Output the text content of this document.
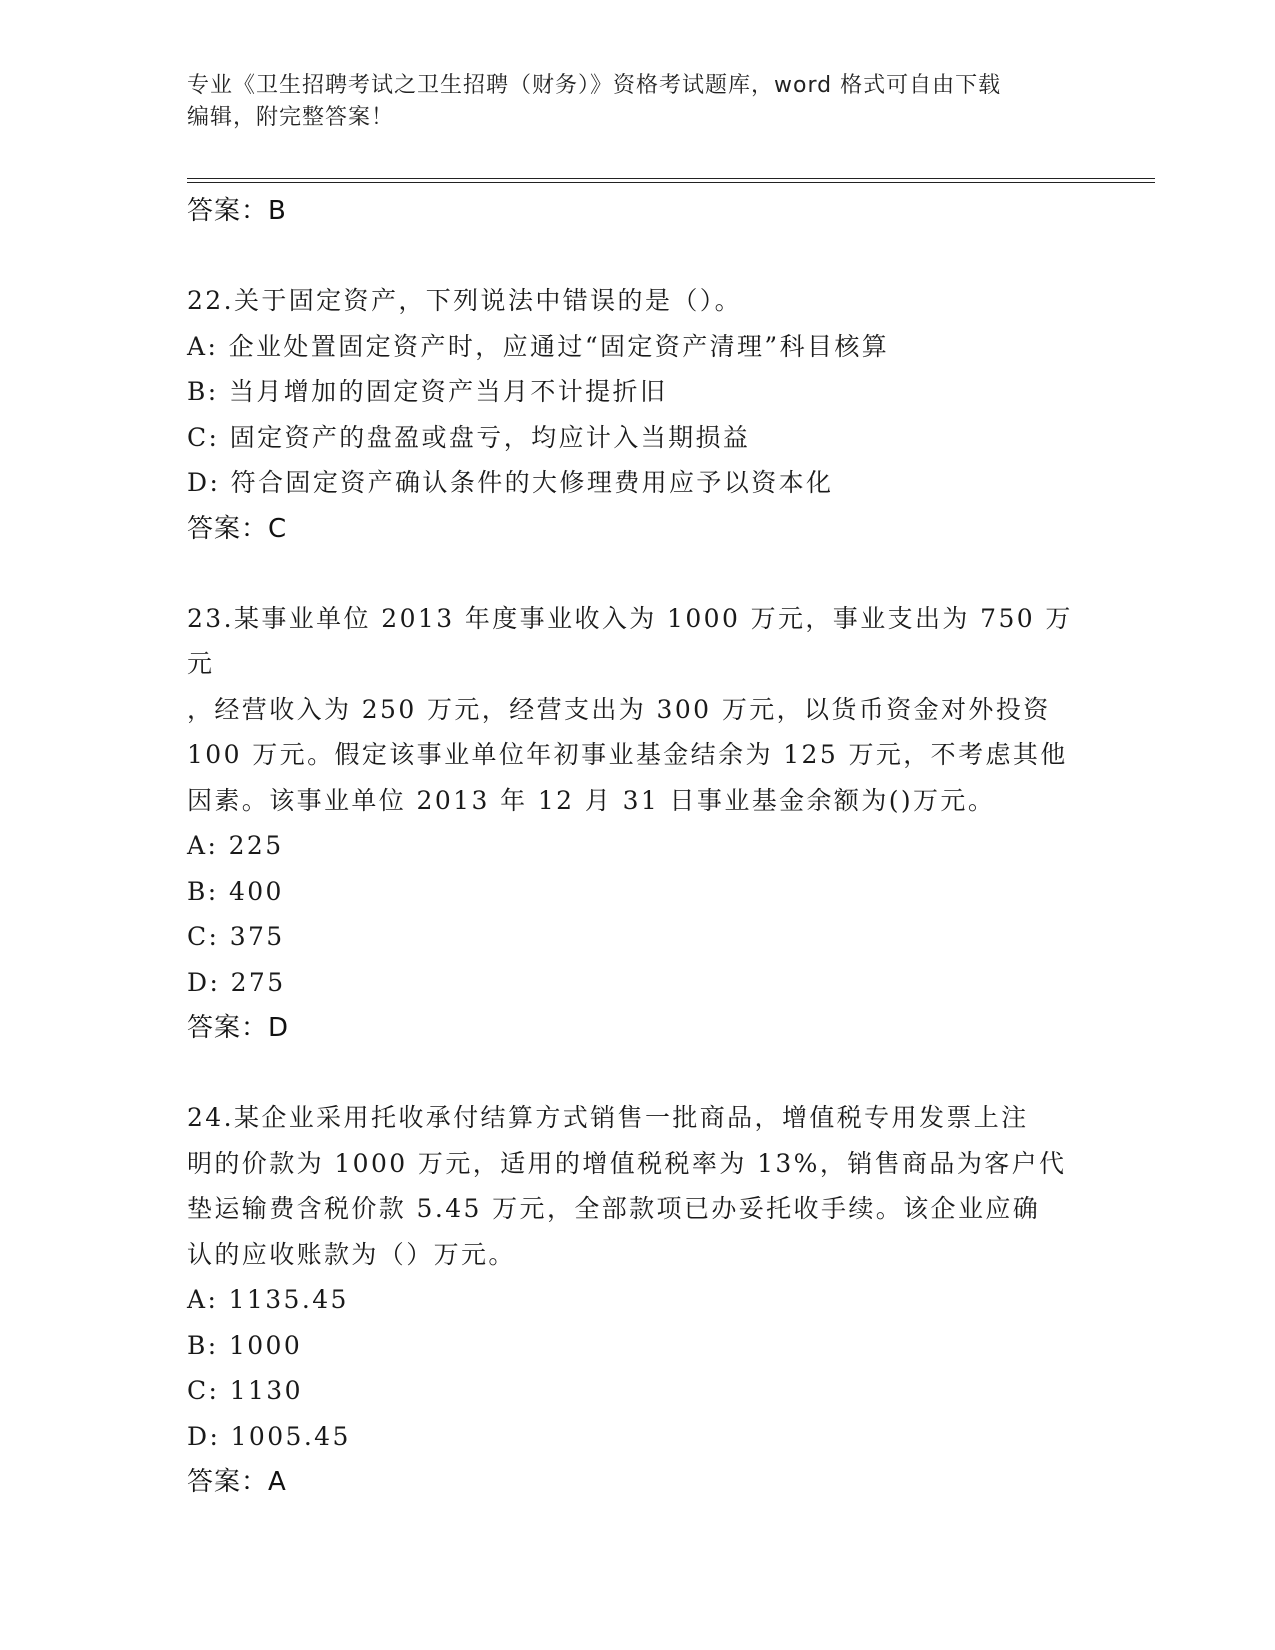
专业《卫生招聘考试之卫生招聘（财务）》资格考试题库，word 格式可自由下载
编辑，附完整答案！
答案：B
22.关于固定资产，下列说法中错误的是（）。
A: 企业处置固定资产时，应通过“固定资产清理”科目核算
B: 当月增加的固定资产当月不计提折旧
C: 固定资产的盘盈或盘亏，均应计入当期损益
D: 符合固定资产确认条件的大修理费用应予以资本化
答案：C
23.某事业单位 2013 年度事业收入为 1000 万元，事业支出为 750 万元
，经营收入为 250 万元，经营支出为 300 万元，以货币资金对外投资
100 万元。假定该事业单位年初事业基金结余为 125 万元，不考虑其他
因素。该事业单位 2013 年 12 月 31 日事业基金余额为()万元。
A: 225
B: 400
C: 375
D: 275
答案：D
24.某企业采用托收承付结算方式销售一批商品，增值税专用发票上注
明的价款为 1000 万元，适用的增值税税率为 13%，销售商品为客户代
垫运输费含税价款 5.45 万元，全部款项已办妥托收手续。该企业应确
认的应收账款为（）万元。
A: 1135.45
B: 1000
C: 1130
D: 1005.45
答案：A
